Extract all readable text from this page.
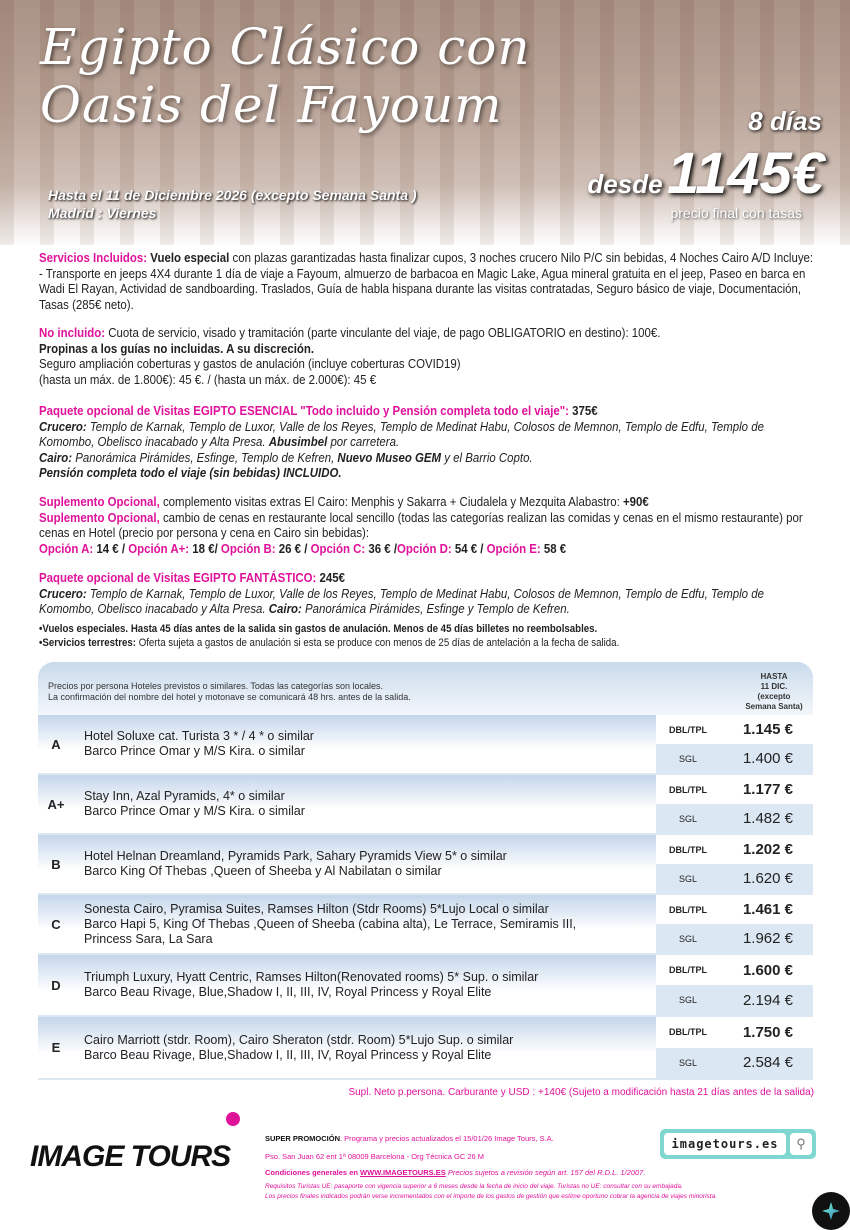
Egipto Clásico con
Oasis del Fayoum
Hasta el 11 de Diciembre 2026 (excepto Semana Santa )
Madrid : Viernes
8 días
desde 1145€
precio final con tasas
Servicios Incluidos: Vuelo especial con plazas garantizadas hasta finalizar cupos, 3 noches crucero Nilo P/C sin bebidas, 4 Noches Cairo A/D Incluye: - Transporte en jeeps 4X4 durante 1 día de viaje a Fayoum, almuerzo de barbacoa en Magic Lake, Agua mineral gratuita en el jeep, Paseo en barca en Wadi El Rayan, Actividad de sandboarding. Traslados, Guía de habla hispana durante las visitas contratadas, Seguro básico de viaje, Documentación, Tasas (285€ neto).
No incluido: Cuota de servicio, visado y tramitación (parte vinculante del viaje, de pago OBLIGATORIO en destino): 100€.
Propinas a los guías no incluidas. A su discreción.
Seguro ampliación coberturas y gastos de anulación (incluye coberturas COVID19)
(hasta un máx. de 1.800€): 45 €. / (hasta un máx. de 2.000€): 45 €
Paquete opcional de Visitas EGIPTO ESENCIAL "Todo incluido y Pensión completa todo el viaje": 375€
Crucero: Templo de Karnak, Templo de Luxor, Valle de los Reyes, Templo de Medinat Habu, Colosos de Memnon, Templo de Edfu, Templo de Komombo, Obelisco inacabado y Alta Presa. Abusimbel por carretera.
Cairo: Panorámica Pirámides, Esfinge, Templo de Kefren, Nuevo Museo GEM y el Barrio Copto.
Pensión completa todo el viaje (sin bebidas) INCLUIDO.
Suplemento Opcional, complemento visitas extras El Cairo: Menphis y Sakarra + Ciudalela y Mezquita Alabastro: +90€
Suplemento Opcional, cambio de cenas en restaurante local sencillo (todas las categorías realizan las comidas y cenas en el mismo restaurante) por cenas en Hotel (precio por persona y cena en Cairo sin bebidas):
Opción A: 14 € / Opción A+: 18 €/ Opción B: 26 € / Opción C: 36 € /Opción D: 54 € / Opción E: 58 €
Paquete opcional de Visitas EGIPTO FANTÁSTICO: 245€
Crucero: Templo de Karnak, Templo de Luxor, Valle de los Reyes, Templo de Medinat Habu, Colosos de Memnon, Templo de Edfu, Templo de Komombo, Obelisco inacabado y Alta Presa. Cairo: Panorámica Pirámides, Esfinge y Templo de Kefren.
•Vuelos especiales. Hasta 45 días antes de la salida sin gastos de anulación. Menos de 45 días billetes no reembolsables.
•Servicios terrestres: Oferta sujeta a gastos de anulación si esta se produce con menos de 25 días de antelación a la fecha de salida.
Precios por persona Hoteles previstos o similares. Todas las categorías son locales.
La confirmación del nombre del hotel y motonave se comunicará 48 hrs. antes de la salida.
HASTA
11 DIC.
(excepto
Semana Santa)
A
Hotel Soluxe cat. Turista 3 * / 4 * o similar
Barco Prince Omar y M/S Kira. o similar
DBL/TPL	1.145 €
SGL	1.400 €
A+
Stay Inn, Azal Pyramids, 4* o similar
Barco Prince Omar y M/S Kira. o similar
DBL/TPL	1.177 €
SGL	1.482 €
B
Hotel Helnan Dreamland, Pyramids Park, Sahary Pyramids View 5* o similar
Barco King Of Thebas ,Queen of Sheeba y Al Nabilatan o similar
DBL/TPL	1.202 €
SGL	1.620 €
C
Sonesta Cairo, Pyramisa Suites, Ramses Hilton (Stdr Rooms) 5*Lujo Local o similar
Barco Hapi 5, King Of Thebas ,Queen of Sheeba (cabina alta), Le Terrace, Semiramis III,
Princess Sara, La Sara
DBL/TPL	1.461 €
SGL	1.962 €
D
Triumph Luxury, Hyatt Centric, Ramses Hilton(Renovated rooms) 5* Sup. o similar
Barco Beau Rivage, Blue,Shadow I, II, III, IV, Royal Princess y Royal Elite
DBL/TPL	1.600 €
SGL	2.194 €
E
Cairo Marriott (stdr. Room), Cairo Sheraton (stdr. Room) 5*Lujo Sup. o similar
Barco Beau Rivage, Blue,Shadow I, II, III, IV, Royal Princess y Royal Elite
DBL/TPL	1.750 €
SGL	2.584 €
Supl. Neto p.persona. Carburante y USD : +140€ (Sujeto a modificación hasta 21 días antes de la salida)
IMAGE TOURS
SUPER PROMOCIÓN. Programa y precios actualizados el 15/01/26 Image Tours, S.A.
Pso. San Juan 62 ent 1ª 08009 Barcelona - Org Técnica GC 26 M
Condiciones generales en WWW.IMAGETOURS.ES Precios sujetos a revisión según art. 157 del R.D.L. 1/2007.
Requisitos Turistas UE: pasaporte con vigencia superior a 6 meses desde la fecha de inicio del viaje. Turistas no UE: consultar con su embajada.
Los precios finales indicados podrán verse incrementados con el importe de los gastos de gestión que estime oportuno cobrar la agencia de viajes minorista.
imagetours.es	⚲
